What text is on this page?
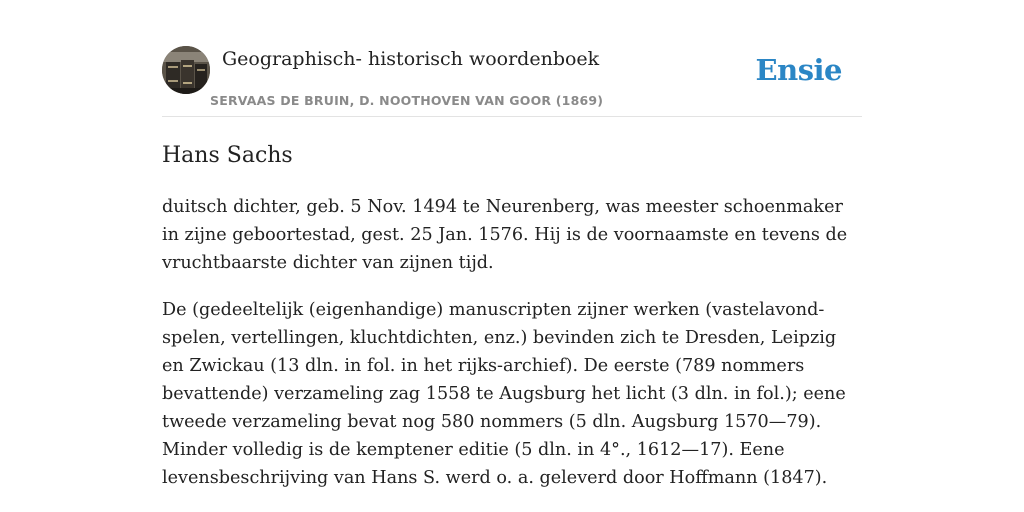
Geographisch- historisch woordenboek
SERVAAS DE BRUIN, D. NOOTHOVEN VAN GOOR (1869)
Ensie
Hans Sachs

duitsch dichter, geb. 5 Nov. 1494 te Neurenberg, was meester schoenmaker in zijne geboortestad, gest. 25 Jan. 1576. Hij is de voornaamste en tevens de vruchtbaarste dichter van zijnen tijd.

De (gedeeltelijk (eigenhandige) manuscripten zijner werken (vastelavond-spelen, vertellingen, kluchtdichten, enz.) bevinden zich te Dresden, Leipzig en Zwickau (13 dln. in fol. in het rijks-archief). De eerste (789 nommers bevattende) verzameling zag 1558 te Augsburg het licht (3 dln. in fol.); eene tweede verzameling bevat nog 580 nommers (5 dln. Augsburg 1570—79). Minder volledig is de kemptener editie (5 dln. in 4°., 1612—17). Eene levensbeschrijving van Hans S. werd o. a. geleverd door Hoffmann (1847).
